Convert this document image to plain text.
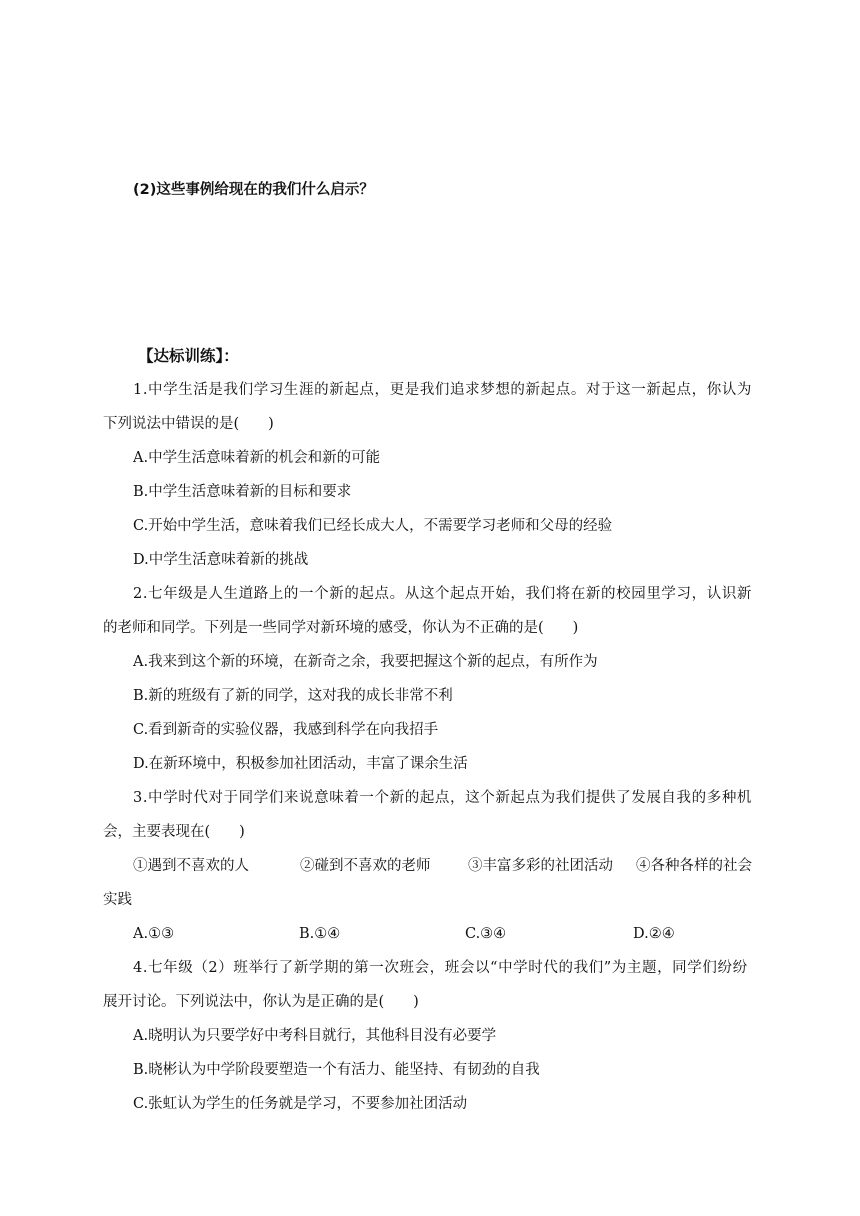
(2)这些事例给现在的我们什么启示？
【达标训练】：
1.中学生活是我们学习生涯的新起点，更是我们追求梦想的新起点。对于这一新起点，你认为
下列说法中错误的是(　　)
A.中学生活意味着新的机会和新的可能
B.中学生活意味着新的目标和要求
C.开始中学生活，意味着我们已经长成大人，不需要学习老师和父母的经验
D.中学生活意味着新的挑战
2.七年级是人生道路上的一个新的起点。从这个起点开始，我们将在新的校园里学习，认识新
的老师和同学。下列是一些同学对新环境的感受，你认为不正确的是(　　)
A.我来到这个新的环境，在新奇之余，我要把握这个新的起点，有所作为
B.新的班级有了新的同学，这对我的成长非常不利
C.看到新奇的实验仪器，我感到科学在向我招手
D.在新环境中，积极参加社团活动，丰富了课余生活
3.中学时代对于同学们来说意味着一个新的起点，这个新起点为我们提供了发展自我的多种机
会，主要表现在(　　)
①遇到不喜欢的人	②碰到不喜欢的老师	③丰富多彩的社团活动 ④各种各样的社会
实践
A.①③	B.①④	C.③④	D.②④
4.七年级（2）班举行了新学期的第一次班会，班会以“中学时代的我们”为主题，同学们纷纷
展开讨论。下列说法中，你认为是正确的是(　　)
A.晓明认为只要学好中考科目就行，其他科目没有必要学
B.晓彬认为中学阶段要塑造一个有活力、能坚持、有韧劲的自我
C.张虹认为学生的任务就是学习，不要参加社团活动
